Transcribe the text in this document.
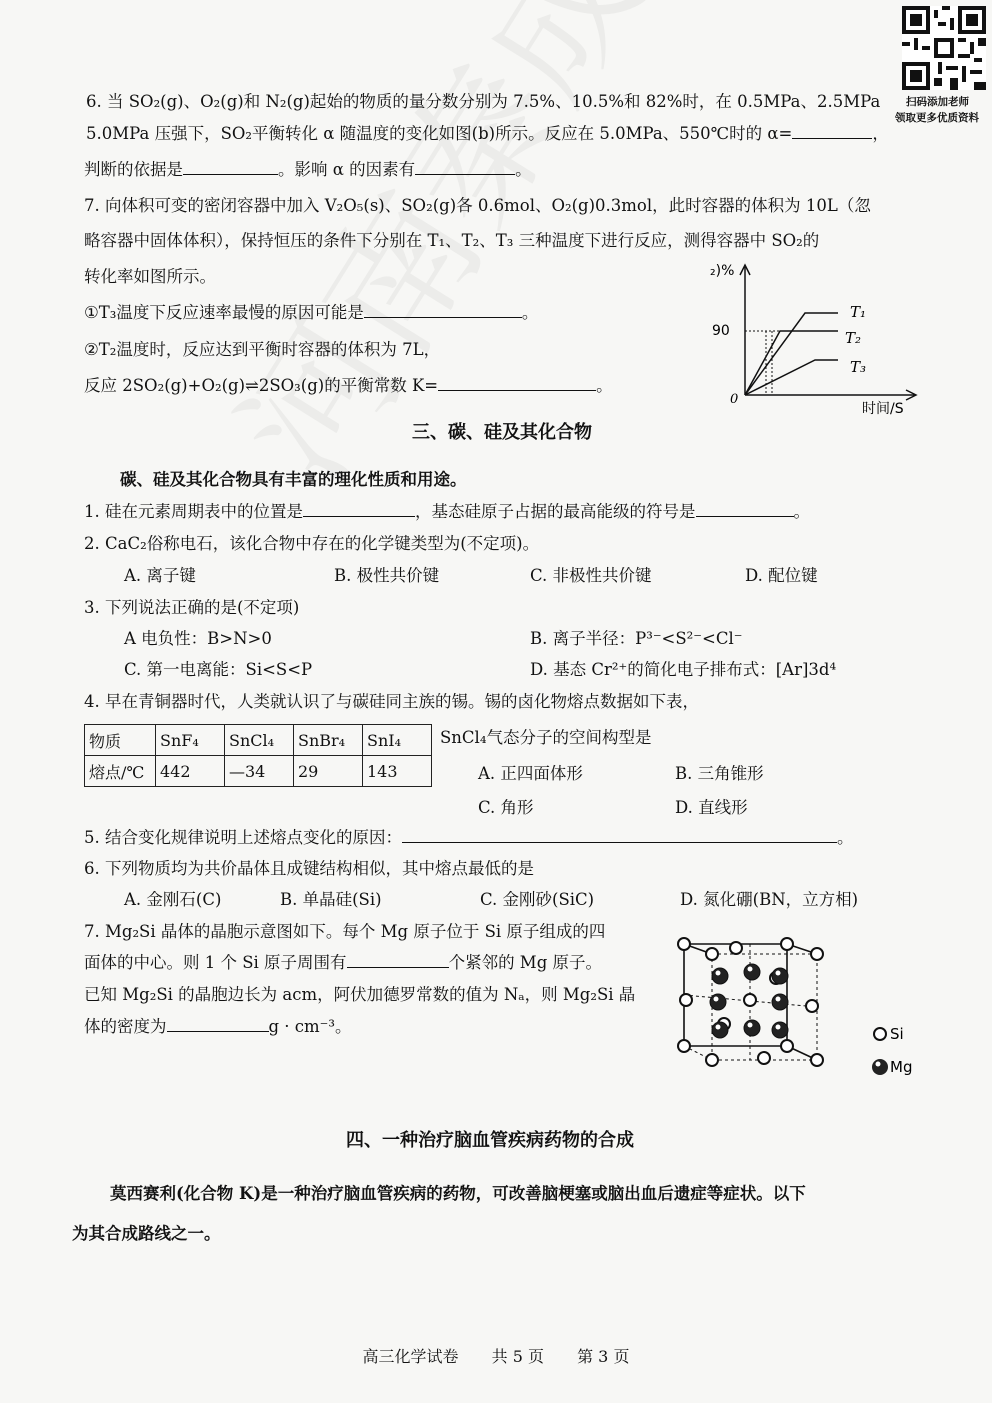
扫码添加老师
领取更多优质资料
6. 当 SO₂(g)、O₂(g)和 N₂(g)起始的物质的量分数分别为 7.5%、10.5%和 82%时，在 0.5MPa、2.5MPa
5.0MPa 压强下，SO₂平衡转化 α 随温度的变化如图(b)所示。反应在 5.0MPa、550℃时的 α=	，
判断的依据是	。影响 α 的因素有	。
7. 向体积可变的密闭容器中加入 V₂O₅(s)、SO₂(g)各 0.6mol、O₂(g)0.3mol，此时容器的体积为 10L（忽
略容器中固体体积），保持恒压的条件下分别在 T₁、T₂、T₃ 三种温度下进行反应，测得容器中 SO₂的
转化率如图所示。
①T₃温度下反应速率最慢的原因可能是	。
②T₂温度时，反应达到平衡时容器的体积为 7L，
反应 2SO₂(g)+O₂(g)⇌2SO₃(g)的平衡常数 K=	。
₂)%
90
0
时间/S
T₁
T₂
T₃
三、碳、硅及其化合物
碳、硅及其化合物具有丰富的理化性质和用途。
1. 硅在元素周期表中的位置是	，基态硅原子占据的最高能级的符号是	。
2. CaC₂俗称电石，该化合物中存在的化学键类型为(不定项)。
A. 离子键	B. 极性共价键	C. 非极性共价键	D. 配位键
3. 下列说法正确的是(不定项)
A 电负性：B>N>0	B. 离子半径：P³⁻<S²⁻<Cl⁻
C. 第一电离能：Si<S<P	D. 基态 Cr²⁺的简化电子排布式：[Ar]3d⁴
4. 早在青铜器时代，人类就认识了与碳硅同主族的锡。锡的卤化物熔点数据如下表，
物质	SnF₄	SnCl₄	SnBr₄	SnI₄
熔点/℃	442	—34	29	143
SnCl₄气态分子的空间构型是
A. 正四面体形	B. 三角锥形
C. 角形	D. 直线形
5. 结合变化规律说明上述熔点变化的原因：	。
6. 下列物质均为共价晶体且成键结构相似，其中熔点最低的是
A. 金刚石(C)	B. 单晶硅(Si)	C. 金刚砂(SiC)	D. 氮化硼(BN，立方相)
7. Mg₂Si 晶体的晶胞示意图如下。每个 Mg 原子位于 Si 原子组成的四
面体的中心。则 1 个 Si 原子周围有	个紧邻的 Mg 原子。
已知 Mg₂Si 的晶胞边长为 acm，阿伏加德罗常数的值为 Nₐ，则 Mg₂Si 晶
体的密度为	g · cm⁻³。	Si
Mg
四、一种治疗脑血管疾病药物的合成
莫西赛利(化合物 K)是一种治疗脑血管疾病的药物，可改善脑梗塞或脑出血后遗症等症状。以下
为其合成路线之一。
高三化学试卷 共 5 页 第 3 页
